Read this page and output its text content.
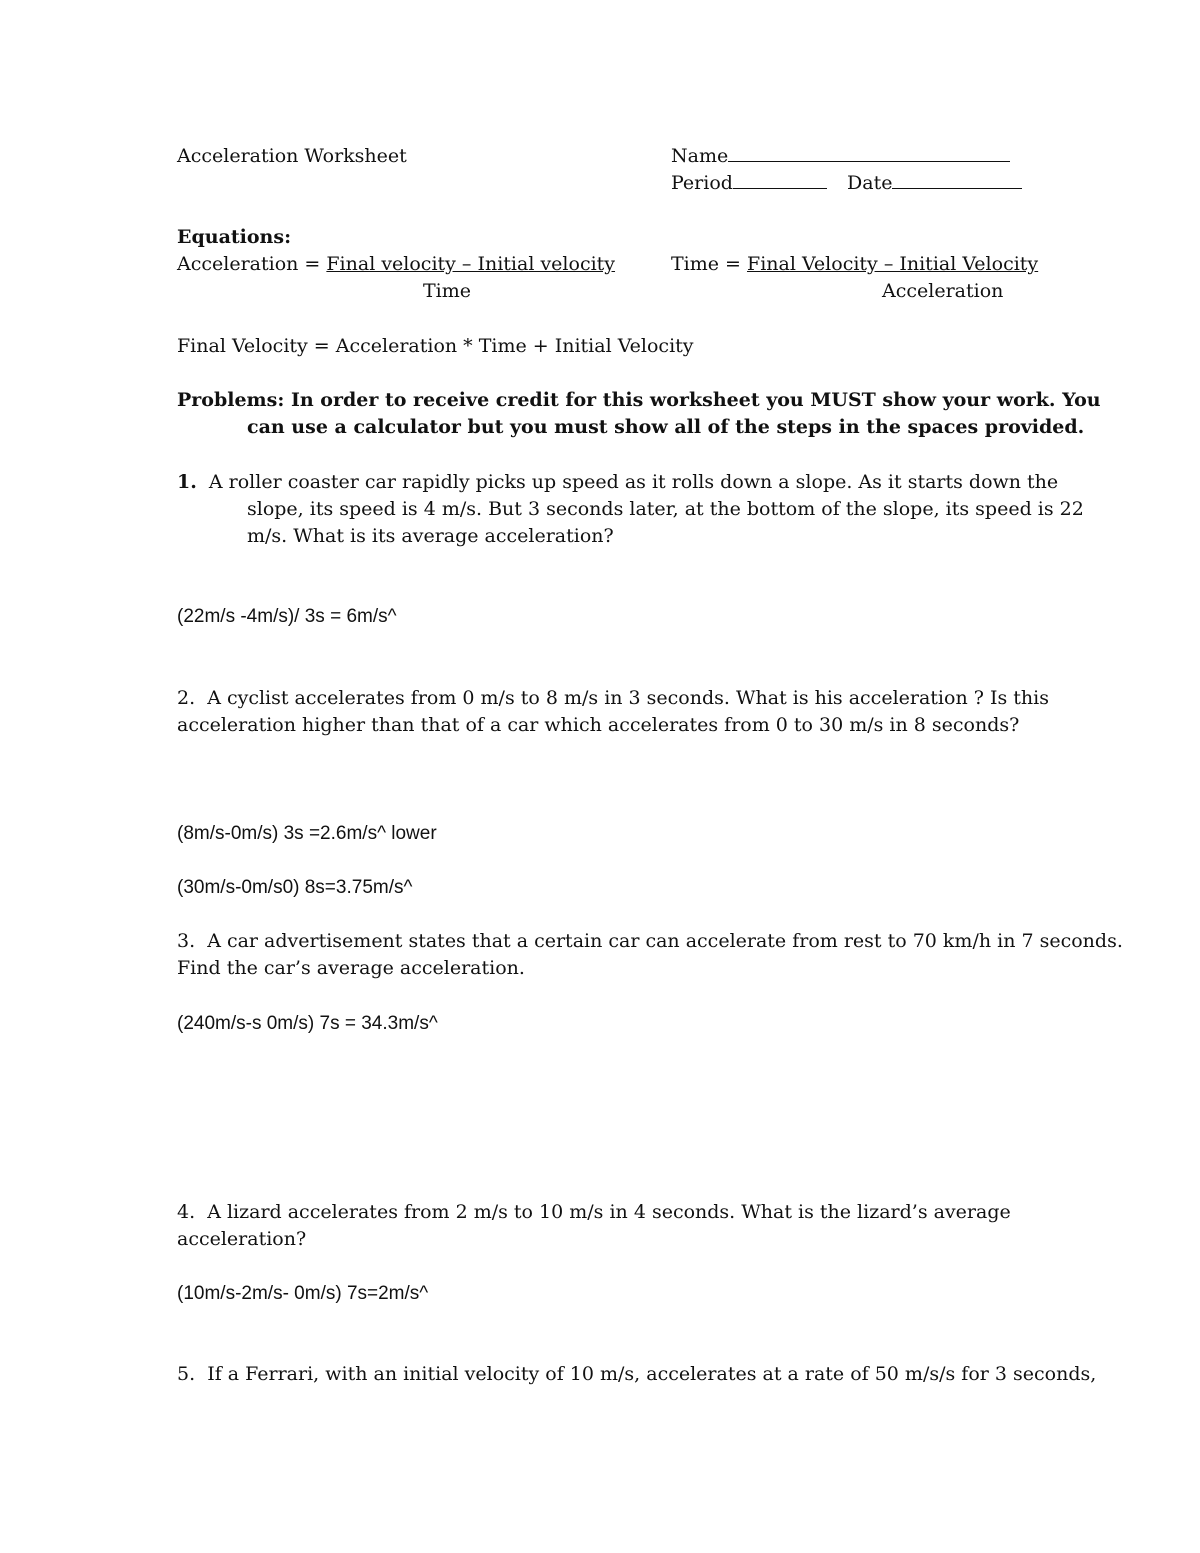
Acceleration Worksheet	Name
Period	Date
Equations:
Acceleration = Final velocity – Initial velocity
Time
Time = Final Velocity – Initial Velocity
Acceleration
Final Velocity = Acceleration * Time + Initial Velocity
Problems: In order to receive credit for this worksheet you MUST show your work. You
can use a calculator but you must show all of the steps in the spaces provided.
1. A roller coaster car rapidly picks up speed as it rolls down a slope. As it starts down the
slope, its speed is 4 m/s. But 3 seconds later, at the bottom of the slope, its speed is 22
m/s. What is its average acceleration?
(22m/s -4m/s)/ 3s = 6m/s^
2. A cyclist accelerates from 0 m/s to 8 m/s in 3 seconds. What is his acceleration ? Is this
acceleration higher than that of a car which accelerates from 0 to 30 m/s in 8 seconds?
(8m/s-0m/s) 3s =2.6m/s^ lower
(30m/s-0m/s0) 8s=3.75m/s^
3. A car advertisement states that a certain car can accelerate from rest to 70 km/h in 7 seconds.
Find the car’s average acceleration.
(240m/s-s 0m/s) 7s = 34.3m/s^
4. A lizard accelerates from 2 m/s to 10 m/s in 4 seconds. What is the lizard’s average
acceleration?
(10m/s-2m/s- 0m/s) 7s=2m/s^
5. If a Ferrari, with an initial velocity of 10 m/s, accelerates at a rate of 50 m/s/s for 3 seconds,
